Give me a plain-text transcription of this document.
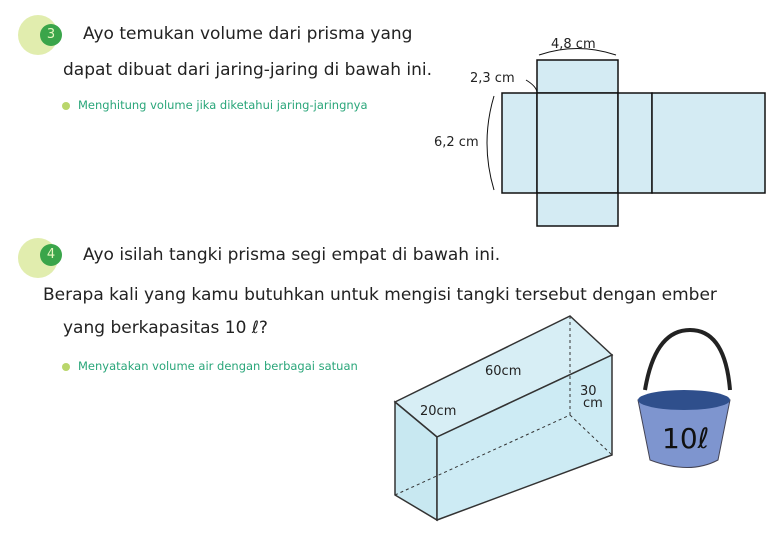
3	Ayo temukan volume dari prisma yang
dapat dibuat dari jaring-jaring di bawah ini.
Menghitung volume jika diketahui jaring-jaringnya
4	Ayo isilah tangki prisma segi empat di bawah ini.
Berapa kali yang kamu butuhkan untuk mengisi tangki tersebut dengan ember
yang berkapasitas 10 ℓ?
Menyatakan volume air dengan berbagai satuan
4,8 cm
2,3 cm
6,2 cm
60cm
20cm
30
cm
10ℓ
